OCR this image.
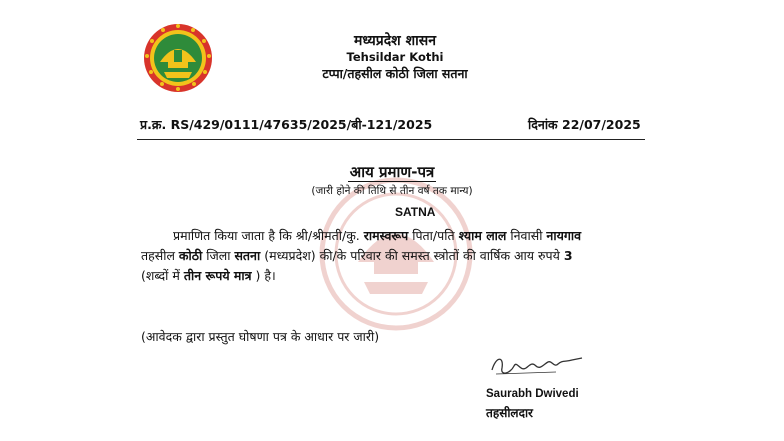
मध्यप्रदेश शासन
Tehsildar Kothi
टप्पा/तहसील कोठी जिला सतना
प्र.क्र. RS/429/0111/47635/2025/बी-121/2025	दिनांक 22/07/2025
आय प्रमाण-पत्र
(जारी होने की तिथि से तीन वर्ष तक मान्य)
SATNA
प्रमाणित किया जाता है कि श्री/श्रीमती/कु. रामस्वरूप पिता/पति श्याम लाल निवासी नायगाव
तहसील कोठी जिला सतना (मध्यप्रदेश) की/के परिवार की समस्त स्त्रोतों की वार्षिक आय रुपये 3
(शब्दों में तीन रूपये मात्र ) है।
(आवेदक द्वारा प्रस्तुत घोषणा पत्र के आधार पर जारी)
Saurabh Dwivedi
तहसीलदार
